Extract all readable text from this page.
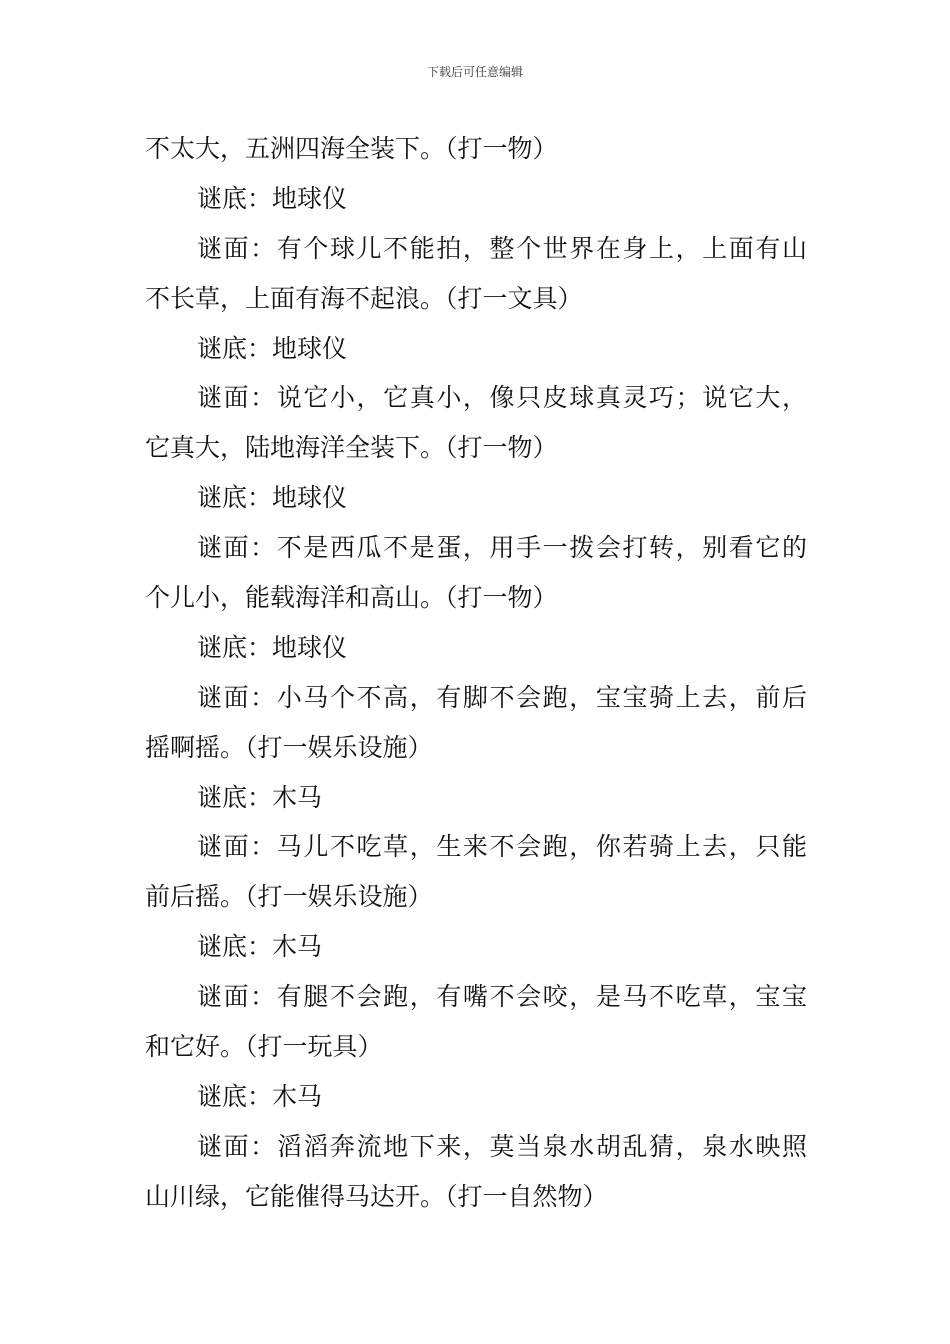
下载后可任意编辑
不太大，五洲四海全装下。（打一物）
谜底：地球仪
谜面：有个球儿不能拍，整个世界在身上，上面有山
不长草，上面有海不起浪。（打一文具）
谜底：地球仪
谜面：说它小，它真小，像只皮球真灵巧；说它大，
它真大，陆地海洋全装下。（打一物）
谜底：地球仪
谜面：不是西瓜不是蛋，用手一拨会打转，别看它的
个儿小，能载海洋和高山。（打一物）
谜底：地球仪
谜面：小马个不高，有脚不会跑，宝宝骑上去，前后
摇啊摇。（打一娱乐设施）
谜底：木马
谜面：马儿不吃草，生来不会跑，你若骑上去，只能
前后摇。（打一娱乐设施）
谜底：木马
谜面：有腿不会跑，有嘴不会咬，是马不吃草，宝宝
和它好。（打一玩具）
谜底：木马
谜面：滔滔奔流地下来，莫当泉水胡乱猜，泉水映照
山川绿，它能催得马达开。（打一自然物）
